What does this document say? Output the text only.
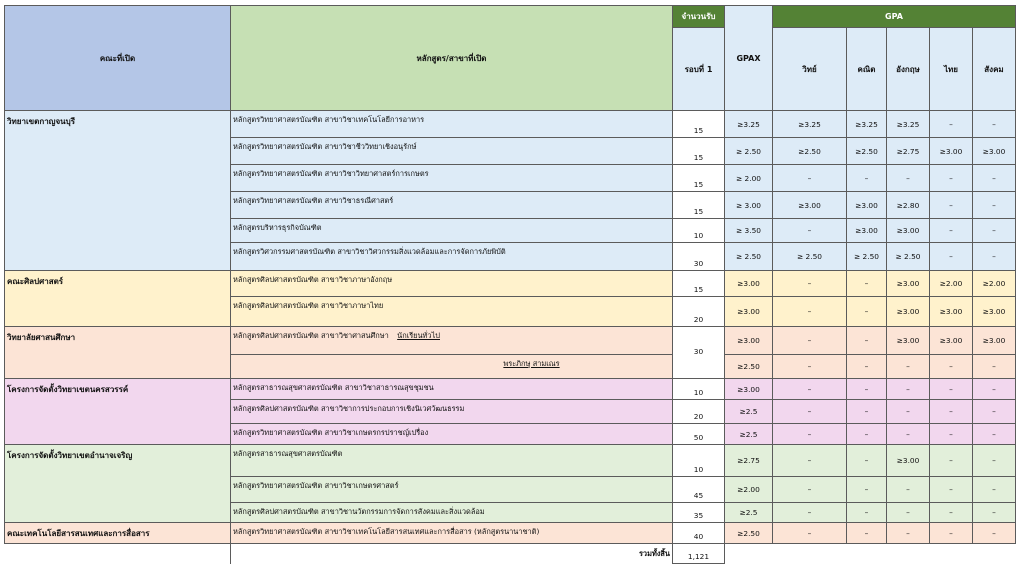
คณะที่เปิด	หลักสูตร/สาขาที่เปิด	จำนวนรับ	GPAX	GPA				
		รอบที่ 1		วิทย์	คณิต	อังกฤษ	ไทย	สังคม
วิทยาเขตกาญจนบุรี	หลักสูตรวิทยาศาสตรบัณฑิต สาขาวิชาเทคโนโลยีการอาหาร	15	≥3.25	≥3.25	≥3.25	≥3.25	–	–
	หลักสูตรวิทยาศาสตรบัณฑิต สาขาวิชาชีววิทยาเชิงอนุรักษ์	15	≥ 2.50	≥2.50	≥2.50	≥2.75	≥3.00	≥3.00
	หลักสูตรวิทยาศาสตรบัณฑิต สาขาวิชาวิทยาศาสตร์การเกษตร	15	≥ 2.00	–	–	–	–	–
	หลักสูตรวิทยาศาสตรบัณฑิต สาขาวิชาธรณีศาสตร์	15	≥ 3.00	≥3.00	≥3.00	≥2.80	–	–
	หลักสูตรบริหารธุรกิจบัณฑิต	10	≥ 3.50	–	≥3.00	≥3.00	–	–
	หลักสูตรวิศวกรรมศาสตรบัณฑิต สาขาวิชาวิศวกรรมสิ่งแวดล้อมและการจัดการภัยพิบัติ	30	≥ 2.50	≥ 2.50	≥ 2.50	≥ 2.50	–	–
คณะศิลปศาสตร์	หลักสูตรศิลปศาสตรบัณฑิต สาขาวิชาภาษาอังกฤษ	15	≥3.00	–	–	≥3.00	≥2.00	≥2.00
	หลักสูตรศิลปศาสตรบัณฑิต สาขาวิชาภาษาไทย	20	≥3.00	–	–	≥3.00	≥3.00	≥3.00
วิทยาลัยศาสนศึกษา	หลักสูตรศิลปศาสตรบัณฑิต สาขาวิชาศาสนศึกษา นักเรียนทั่วไป	30	≥3.00	–	–	≥3.00	≥3.00	≥3.00
	พระภิกษุ สามเณร		≥2.50	–	–	–	–	–
โครงการจัดตั้งวิทยาเขตนครสวรรค์	หลักสูตรสาธารณสุขศาสตรบัณฑิต สาขาวิชาสาธารณสุขชุมชน	10	≥3.00	–	–	–	–	–
	หลักสูตรศิลปศาสตรบัณฑิต สาขาวิชาการประกอบการเชิงนิเวศวัฒนธรรม	20	≥2.5	–	–	–	–	–
	หลักสูตรวิทยาศาสตรบัณฑิต สาขาวิชาเกษตรกรปราชญ์เปรื่อง	50	≥2.5	–	–	–	–	–
โครงการจัดตั้งวิทยาเขตอำนาจเจริญ	หลักสูตรสาธารณสุขศาสตรบัณฑิต	10	≥2.75	–	–	≥3.00	–	–
	หลักสูตรวิทยาศาสตรบัณฑิต สาขาวิชาเกษตรศาสตร์	45	≥2.00	–	–	–	–	–
	หลักสูตรศิลปศาสตรบัณฑิต สาขาวิชานวัตกรรมการจัดการสังคมและสิ่งแวดล้อม	35	≥2.5	–	–	–	–	–
คณะเทคโนโลยีสารสนเทศและการสื่อสาร	หลักสูตรวิทยาศาสตรบัณฑิต สาขาวิชาเทคโนโลยีสารสนเทศและการสื่อสาร (หลักสูตรนานาชาติ)	40	≥2.50	–	–	–	–	–
	รวมทั้งสิ้น	1,121						
